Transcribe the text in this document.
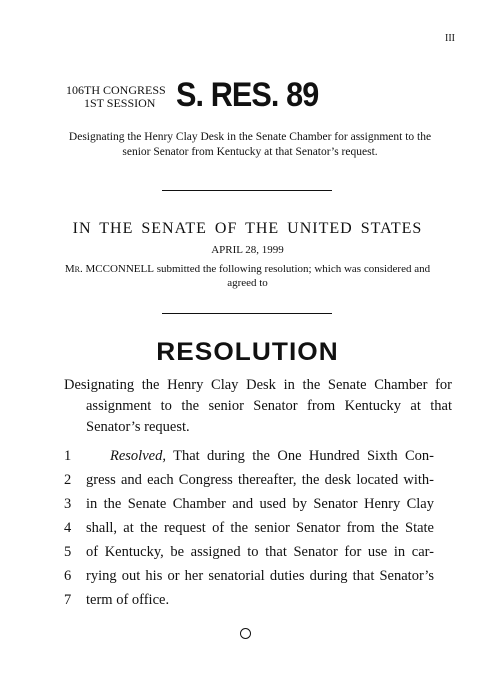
III
106TH CONGRESS
1ST SESSION S. RES. 89
Designating the Henry Clay Desk in the Senate Chamber for assignment to the senior Senator from Kentucky at that Senator’s request.
IN THE SENATE OF THE UNITED STATES
APRIL 28, 1999
Mr. MCCONNELL submitted the following resolution; which was considered and agreed to
RESOLUTION
Designating the Henry Clay Desk in the Senate Chamber for assignment to the senior Senator from Kentucky at that Senator’s request.
1	Resolved, That during the One Hundred Sixth Con-
2	gress and each Congress thereafter, the desk located with-
3	in the Senate Chamber and used by Senator Henry Clay
4	shall, at the request of the senior Senator from the State
5	of Kentucky, be assigned to that Senator for use in car-
6	rying out his or her senatorial duties during that Senator’s
7	term of office.
